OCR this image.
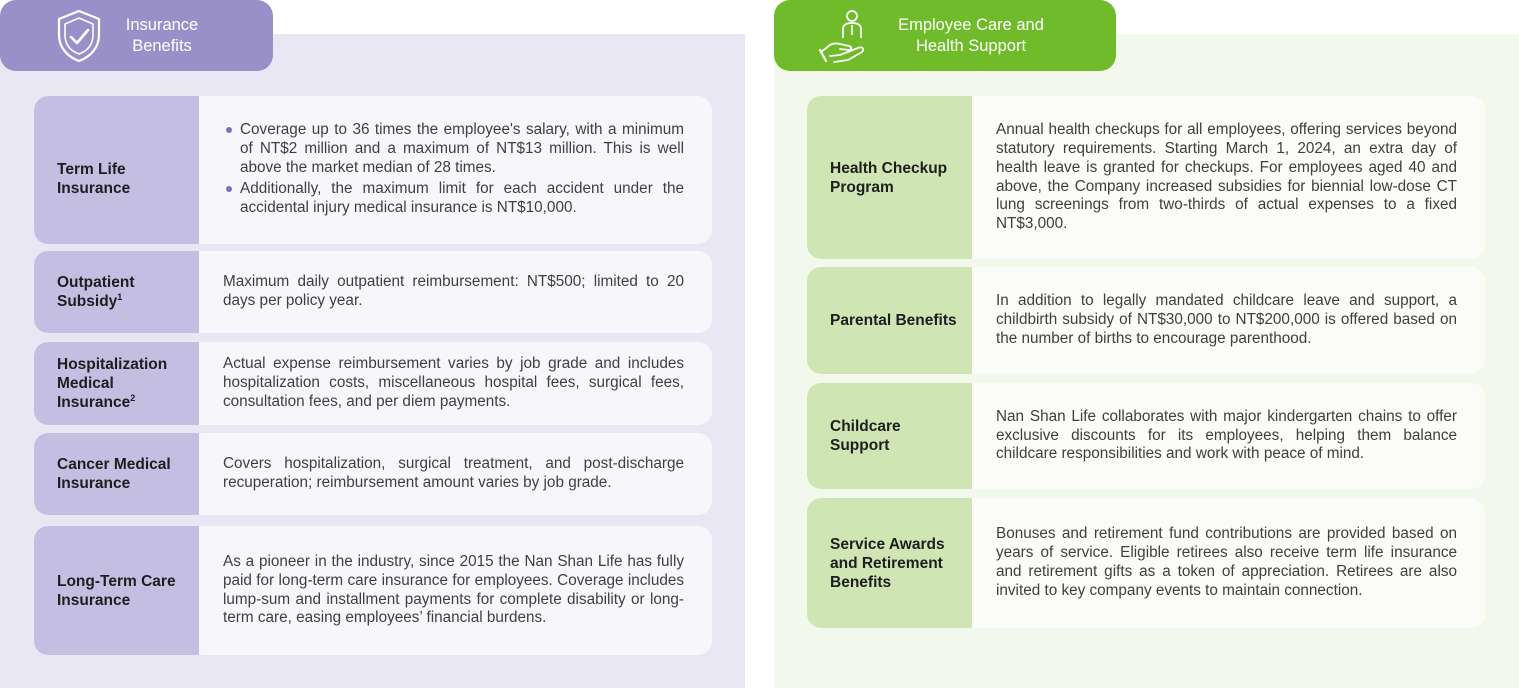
Insurance
Benefits
Employee Care and
Health Support
Term Life Insurance
Coverage up to 36 times the employee's salary, with a minimum of NT$2 million and a maximum of NT$13 million. This is well above the market median of 28 times.
Additionally, the maximum limit for each accident under the accidental injury medical insurance is NT$10,000.
Outpatient Subsidy$^1$
Maximum daily outpatient reimbursement: NT$500; limited to 20 days per policy year.
Hospitalization Medical Insurance$^2$
Actual expense reimbursement varies by job grade and includes hospitalization costs, miscellaneous hospital fees, surgical fees, consultation fees, and per diem payments.
Cancer Medical Insurance
Covers hospitalization, surgical treatment, and post-discharge recuperation; reimbursement amount varies by job grade.
Long-Term Care Insurance
As a pioneer in the industry, since 2015 the Nan Shan Life has fully paid for long-term care insurance for employees. Coverage includes lump-sum and installment payments for complete disability or long-term care, easing employees’ financial burdens.
Health Checkup Program
Annual health checkups for all employees, offering services beyond statutory requirements. Starting March 1, 2024, an extra day of health leave is granted for checkups. For employees aged 40 and above, the Company increased subsidies for biennial low-dose CT lung screenings from two-thirds of actual expenses to a fixed NT$3,000.
Parental Benefits
In addition to legally mandated childcare leave and support, a childbirth subsidy of NT$30,000 to NT$200,000 is offered based on the number of births to encourage parenthood.
Childcare Support
Nan Shan Life collaborates with major kindergarten chains to offer exclusive discounts for its employees, helping them balance childcare responsibilities and work with peace of mind.
Service Awards and Retirement Benefits
Bonuses and retirement fund contributions are provided based on years of service. Eligible retirees also receive term life insurance and retirement gifts as a token of appreciation. Retirees are also invited to key company events to maintain connection.
